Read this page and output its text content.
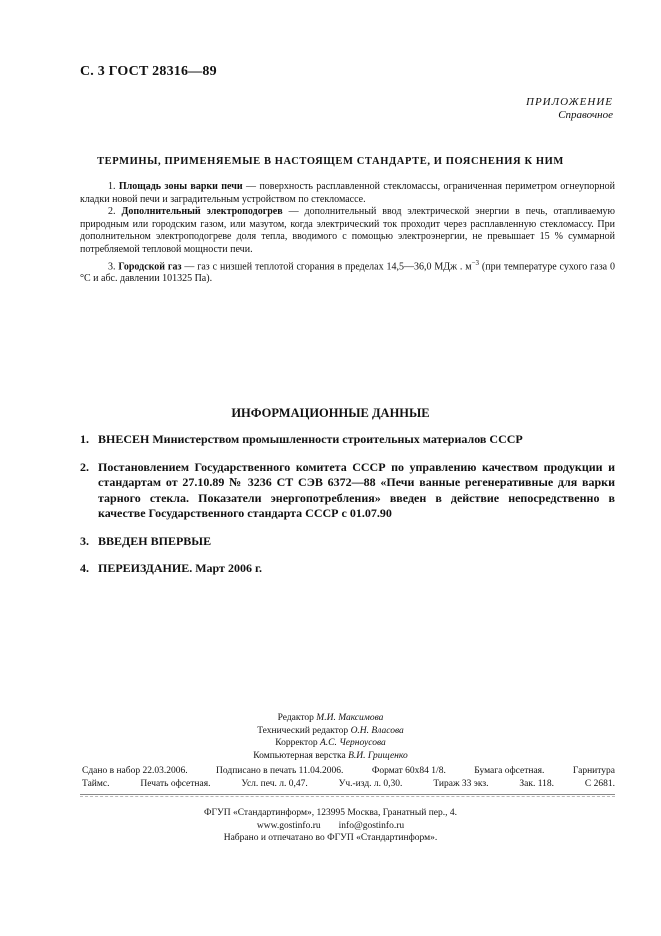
С. 3 ГОСТ 28316—89
ПРИЛОЖЕНИЕ
Справочное
ТЕРМИНЫ, ПРИМЕНЯЕМЫЕ В НАСТОЯЩЕМ СТАНДАРТЕ, И ПОЯСНЕНИЯ К НИМ

1. Площадь зоны варки печи — поверхность расплавленной стекломассы, ограниченная периметром огнеупорной кладки новой печи и заградительным устройством по стекломассе.

2. Дополнительный электроподогрев — дополнительный ввод электрической энергии в печь, отапливаемую природным или городским газом, или мазутом, когда электрический ток проходит через расплавленную стекломассу. При дополнительном электроподогреве доля тепла, вводимого с помощью электроэнергии, не превышает 15 % суммарной потребляемой тепловой мощности печи.

3. Городской газ — газ с низшей теплотой сгорания в пределах 14,5—36,0 МДж . $м^{-3}$ (при температуре сухого газа 0 °С и абс. давлении 101325 Па).

ИНФОРМАЦИОННЫЕ ДАННЫЕ
1. ВНЕСЕН Министерством промышленности строительных материалов СССР
2. Постановлением Государственного комитета СССР по управлению качеством продукции и стандартам от 27.10.89 № 3236 СТ СЭВ 6372—88 «Печи ванные регенеративные для варки тарного стекла. Показатели энергопотребления» введен в действие непосредственно в качестве Государственного стандарта СССР с 01.07.90
3. ВВЕДЕН ВПЕРВЫЕ
4. ПЕРЕИЗДАНИЕ. Март 2006 г.
Редактор М.И. Максимова
Технический редактор О.Н. Власова
Корректор А.С. Черноусова
Компьютерная верстка В.И. Грищенко
Сдано в набор 22.03.2006.	Подписано в печать 11.04.2006.	Формат 60x84 1/8.	Бумага офсетная.	Гарнитура
Таймс.	Печать офсетная.	Усл. печ. л. 0,47.	Уч.-изд. л. 0,30.	Тираж 33 экз.	Зак. 118.	С 2681.
ФГУП «Стандартинформ», 123995 Москва, Гранатный пер., 4.
www.gostinfo.ru info@gostinfo.ru
Набрано и отпечатано во ФГУП «Стандартинформ».
